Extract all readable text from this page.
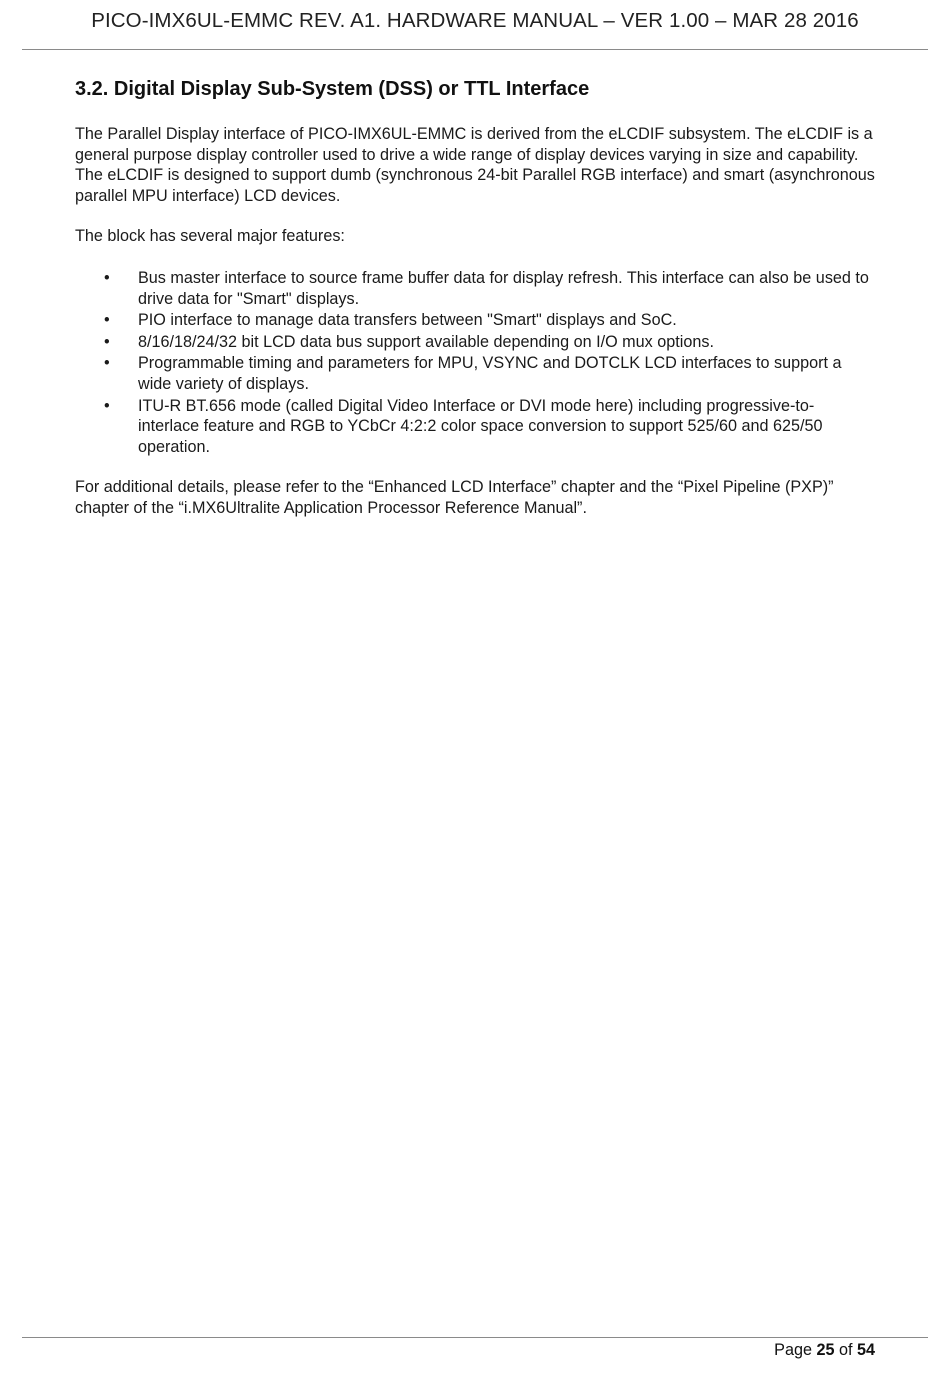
PICO-IMX6UL-EMMC REV. A1. HARDWARE MANUAL – VER 1.00 – MAR 28 2016
3.2. Digital Display Sub-System (DSS) or TTL Interface

The Parallel Display interface of PICO-IMX6UL-EMMC is derived from the eLCDIF subsystem. The eLCDIF is a general purpose display controller used to drive a wide range of display devices varying in size and capability. The eLCDIF is designed to support dumb (synchronous 24-bit Parallel RGB interface) and smart (asynchronous parallel MPU interface) LCD devices.

The block has several major features:

• Bus master interface to source frame buffer data for display refresh. This interface can also be used to drive data for "Smart" displays.
• PIO interface to manage data transfers between "Smart" displays and SoC.
• 8/16/18/24/32 bit LCD data bus support available depending on I/O mux options.
• Programmable timing and parameters for MPU, VSYNC and DOTCLK LCD interfaces to support a wide variety of displays.
• ITU-R BT.656 mode (called Digital Video Interface or DVI mode here) including progressive-to-interlace feature and RGB to YCbCr 4:2:2 color space conversion to support 525/60 and 625/50 operation.

For additional details, please refer to the “Enhanced LCD Interface” chapter and the “Pixel Pipeline (PXP)” chapter of the “i.MX6Ultralite Application Processor Reference Manual”.

Page 25 of 54
